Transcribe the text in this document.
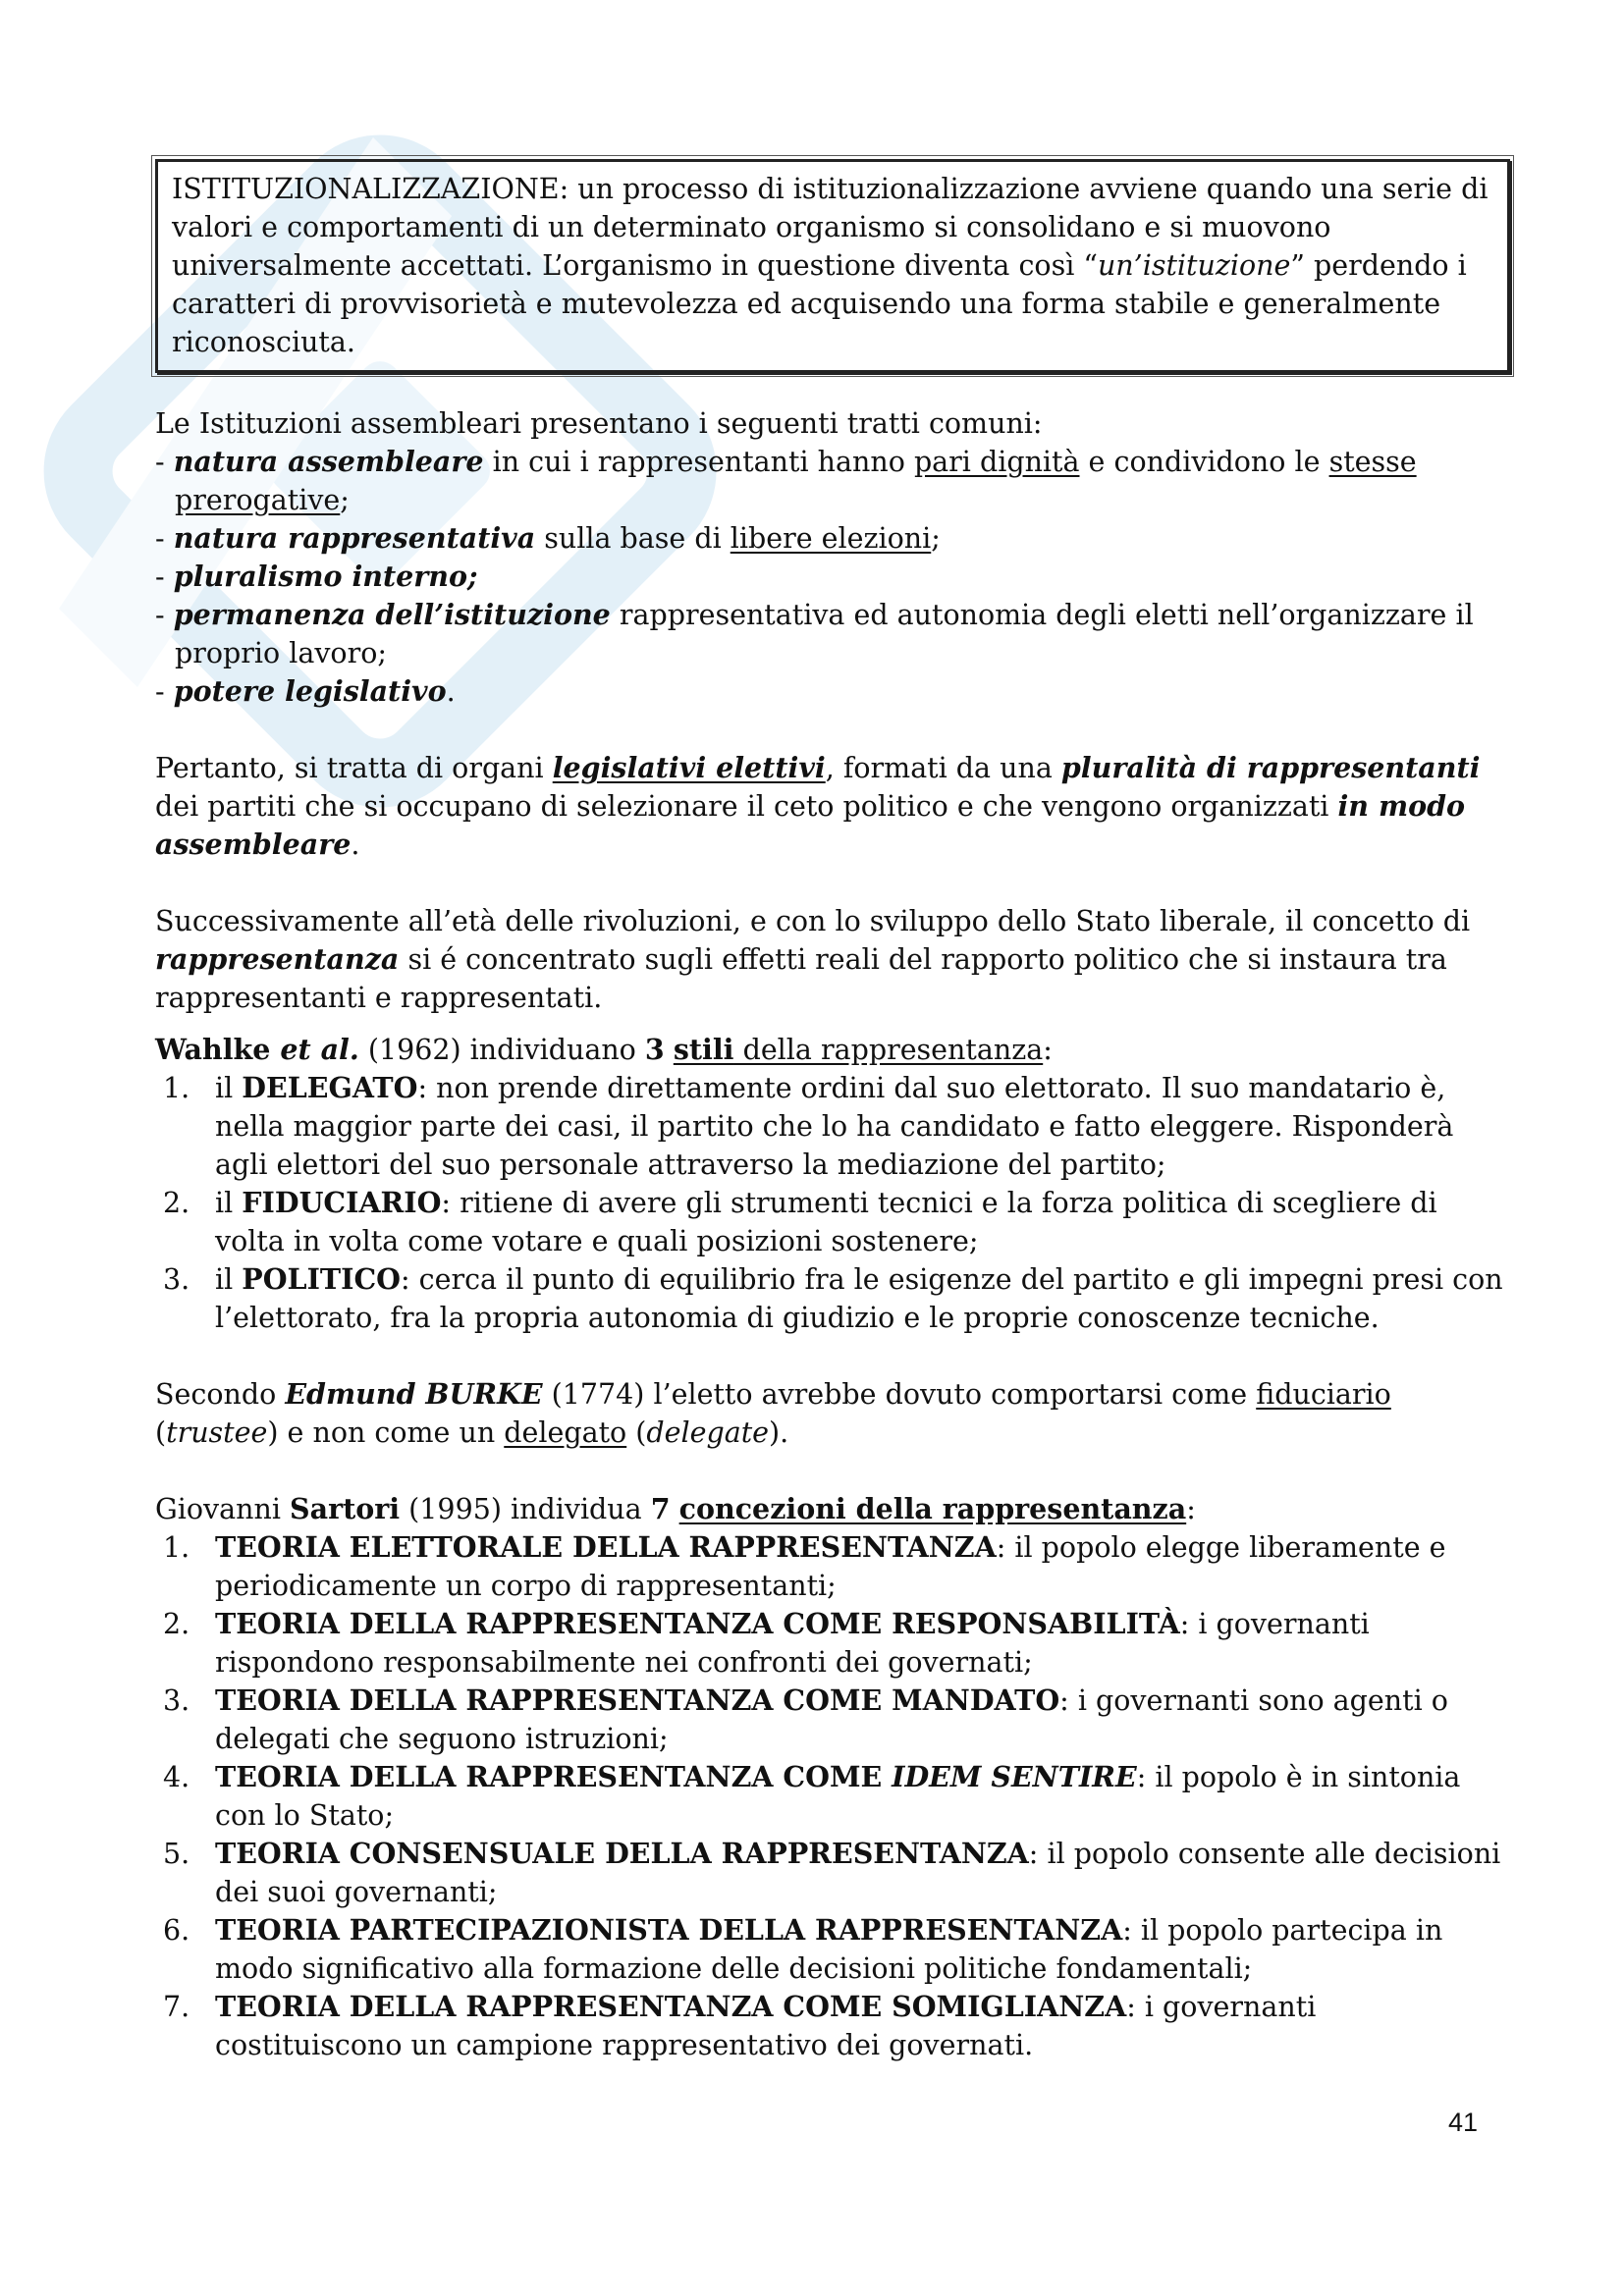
ISTITUZIONALIZZAZIONE: un processo di istituzionalizzazione avviene quando una serie di valori e comportamenti di un determinato organismo si consolidano e si muovono universalmente accettati. L’organismo in questione diventa così “un’istituzione” perdendo i caratteri di provvisorietà e mutevolezza ed acquisendo una forma stabile e generalmente riconosciuta.

Le Istituzioni assembleari presentano i seguenti tratti comuni:

- natura assembleare in cui i rappresentanti hanno pari dignità e condividono le stesse prerogative;
- natura rappresentativa sulla base di libere elezioni;
- pluralismo interno;
- permanenza dell’istituzione rappresentativa ed autonomia degli eletti nell’organizzare il proprio lavoro;
- potere legislativo.

Pertanto, si tratta di organi legislativi elettivi, formati da una pluralità di rappresentanti dei partiti che si occupano di selezionare il ceto politico e che vengono organizzati in modo assembleare.

Successivamente all’età delle rivoluzioni, e con lo sviluppo dello Stato liberale, il concetto di rappresentanza si é concentrato sugli effetti reali del rapporto politico che si instaura tra rappresentanti e rappresentati.

Wahlke et al. (1962) individuano 3 stili della rappresentanza:

1. il DELEGATO: non prende direttamente ordini dal suo elettorato. Il suo mandatario è, nella maggior parte dei casi, il partito che lo ha candidato e fatto eleggere. Risponderà agli elettori del suo personale attraverso la mediazione del partito;
2. il FIDUCIARIO: ritiene di avere gli strumenti tecnici e la forza politica di scegliere di volta in volta come votare e quali posizioni sostenere;
3. il POLITICO: cerca il punto di equilibrio fra le esigenze del partito e gli impegni presi con l’elettorato, fra la propria autonomia di giudizio e le proprie conoscenze tecniche.

Secondo Edmund BURKE (1774) l’eletto avrebbe dovuto comportarsi come fiduciario (trustee) e non come un delegato (delegate).

Giovanni Sartori (1995) individua 7 concezioni della rappresentanza:

1. TEORIA ELETTORALE DELLA RAPPRESENTANZA: il popolo elegge liberamente e periodicamente un corpo di rappresentanti;
2. TEORIA DELLA RAPPRESENTANZA COME RESPONSABILITÀ: i governanti rispondono responsabilmente nei confronti dei governati;
3. TEORIA DELLA RAPPRESENTANZA COME MANDATO: i governanti sono agenti o delegati che seguono istruzioni;
4. TEORIA DELLA RAPPRESENTANZA COME IDEM SENTIRE: il popolo è in sintonia con lo Stato;
5. TEORIA CONSENSUALE DELLA RAPPRESENTANZA: il popolo consente alle decisioni dei suoi governanti;
6. TEORIA PARTECIPAZIONISTA DELLA RAPPRESENTANZA: il popolo partecipa in modo significativo alla formazione delle decisioni politiche fondamentali;
7. TEORIA DELLA RAPPRESENTANZA COME SOMIGLIANZA: i governanti costituiscono un campione rappresentativo dei governati.
41
